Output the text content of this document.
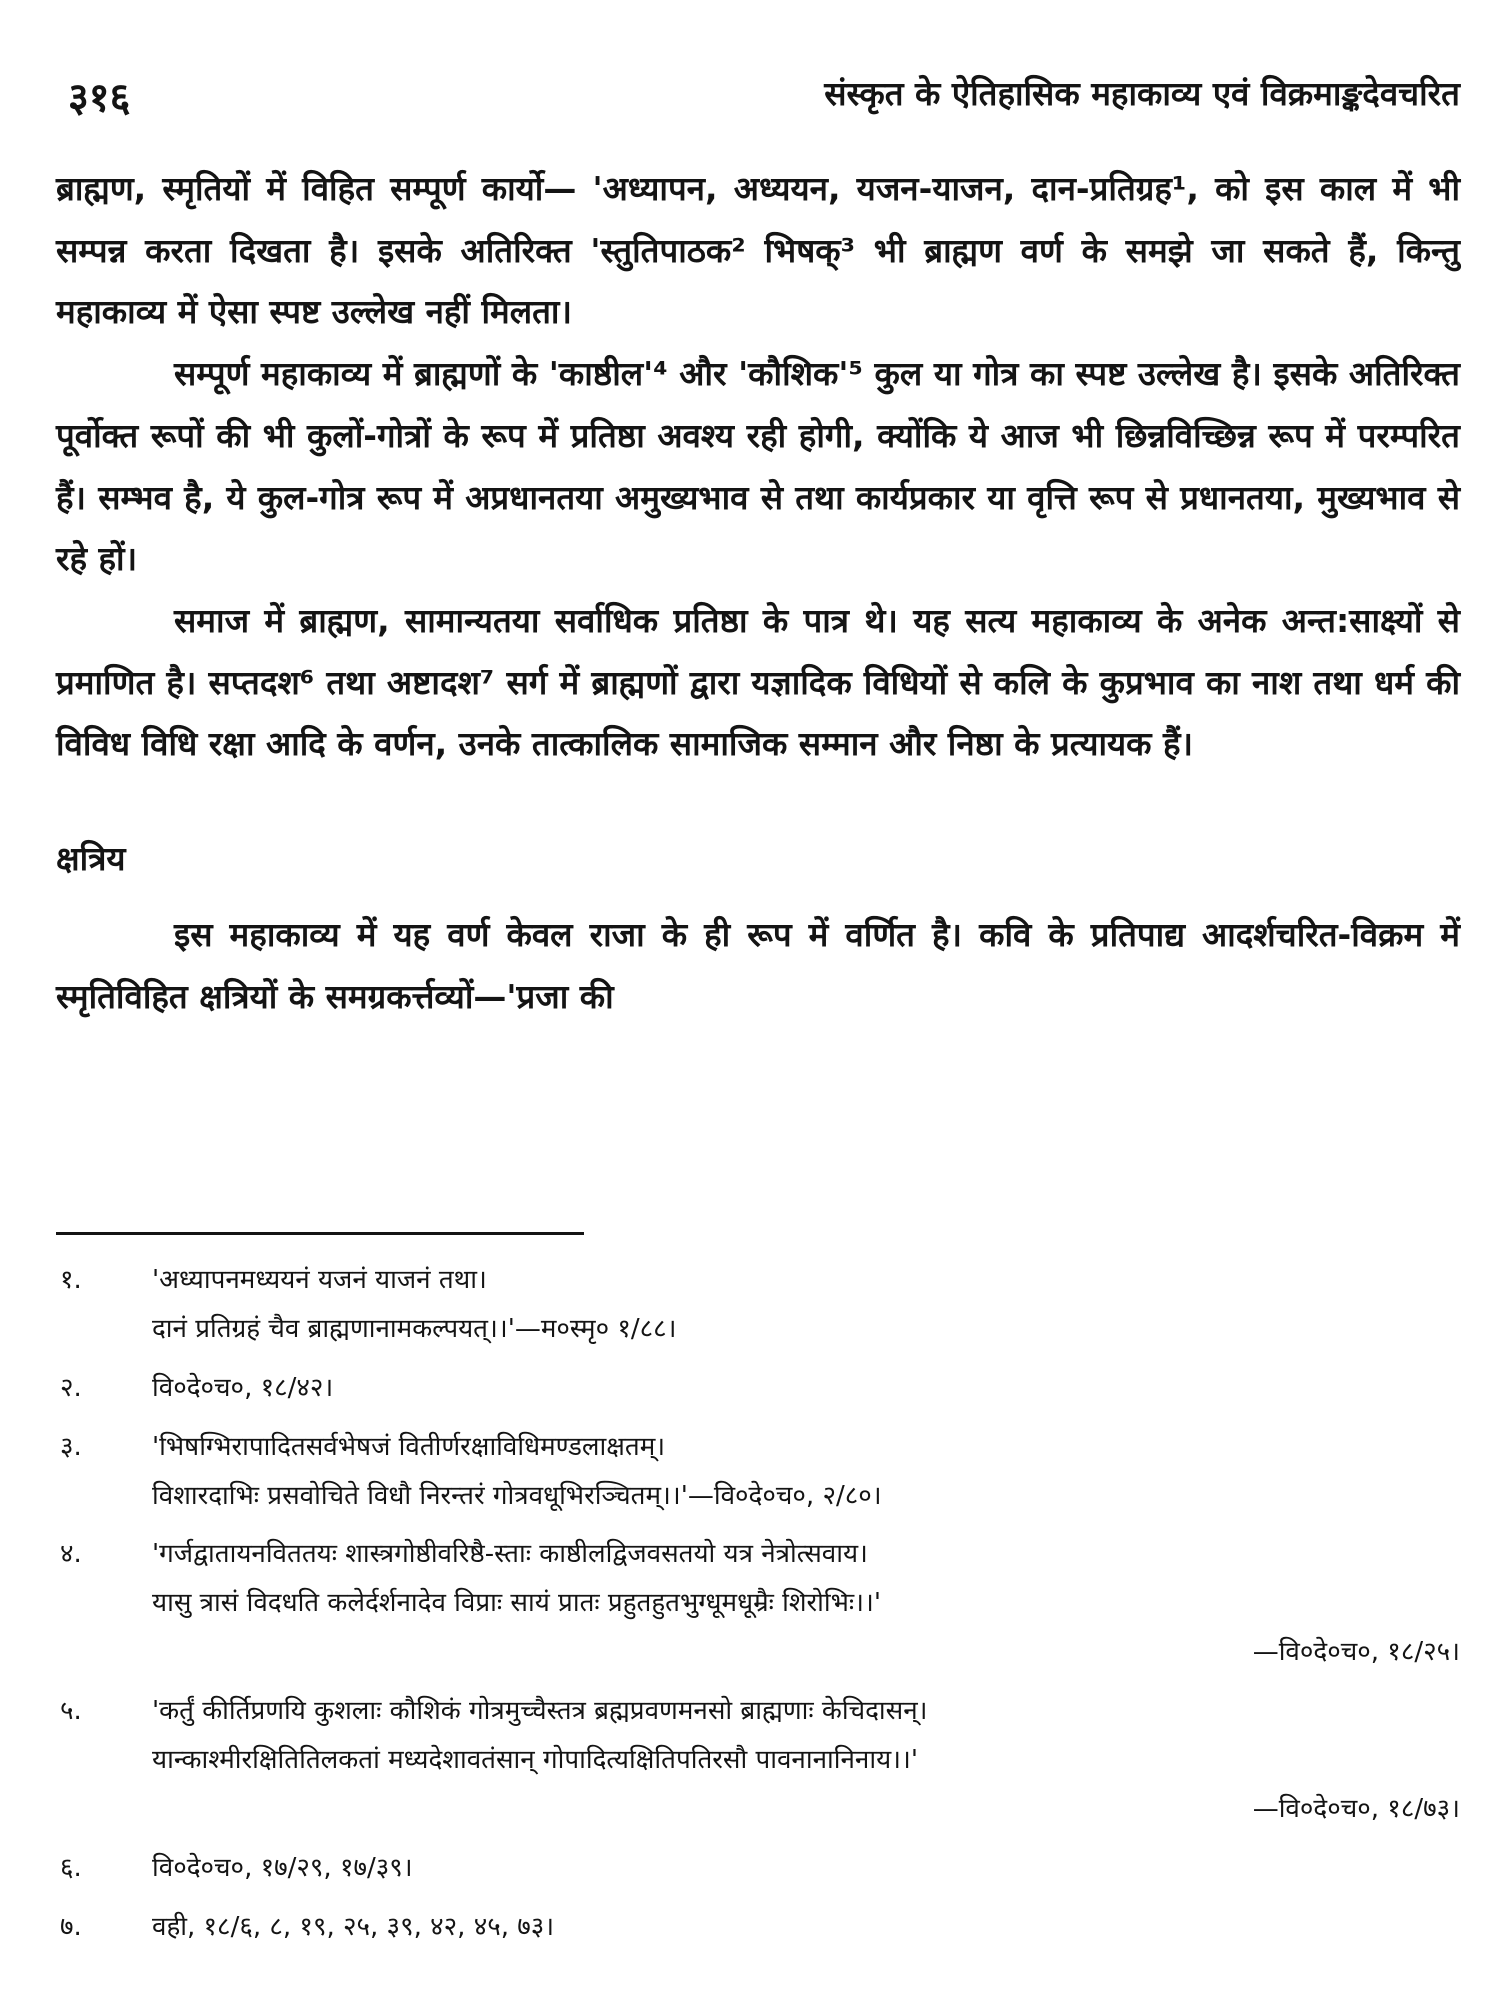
३१६	संस्कृत के ऐतिहासिक महाकाव्य एवं विक्रमाङ्कदेवचरित

ब्राह्मण, स्मृतियों में विहित सम्पूर्ण कार्यो— 'अध्यापन, अध्ययन, यजन-याजन, दान-प्रतिग्रह¹, को इस काल में भी सम्पन्न करता दिखता है। इसके अतिरिक्त 'स्तुतिपाठक² भिषक्³ भी ब्राह्मण वर्ण के समझे जा सकते हैं, किन्तु महाकाव्य में ऐसा स्पष्ट उल्लेख नहीं मिलता।

सम्पूर्ण महाकाव्य में ब्राह्मणों के 'काष्ठील'⁴ और 'कौशिक'⁵ कुल या गोत्र का स्पष्ट उल्लेख है। इसके अतिरिक्त पूर्वोक्त रूपों की भी कुलों-गोत्रों के रूप में प्रतिष्ठा अवश्य रही होगी, क्योंकि ये आज भी छिन्नविच्छिन्न रूप में परम्परित हैं। सम्भव है, ये कुल-गोत्र रूप में अप्रधानतया अमुख्यभाव से तथा कार्यप्रकार या वृत्ति रूप से प्रधानतया, मुख्यभाव से रहे हों।

समाज में ब्राह्मण, सामान्यतया सर्वाधिक प्रतिष्ठा के पात्र थे। यह सत्य महाकाव्य के अनेक अन्त:साक्ष्यों से प्रमाणित है। सप्तदश⁶ तथा अष्टादश⁷ सर्ग में ब्राह्मणों द्वारा यज्ञादिक विधियों से कलि के कुप्रभाव का नाश तथा धर्म की विविध विधि रक्षा आदि के वर्णन, उनके तात्कालिक सामाजिक सम्मान और निष्ठा के प्रत्यायक हैं।

क्षत्रिय

इस महाकाव्य में यह वर्ण केवल राजा के ही रूप में वर्णित है। कवि के प्रतिपाद्य आदर्शचरित-विक्रम में स्मृतिविहित क्षत्रियों के समग्रकर्त्तव्यों—'प्रजा की

१.	'अध्यापनमध्ययनं यजनं याजनं तथा।
दानं प्रतिग्रहं चैव ब्राह्मणानामकल्पयत्।।'—म०स्मृ० १/८८।
२.	वि०दे०च०, १८/४२।
३.	'भिषग्भिरापादितसर्वभेषजं वितीर्णरक्षाविधिमण्डलाक्षतम्।
विशारदाभिः प्रसवोचिते विधौ निरन्तरं गोत्रवधूभिरञ्चितम्।।'—वि०दे०च०, २/८०।
४.	'गर्जद्वातायनविततयः शास्त्रगोष्ठीवरिष्ठै-स्ताः काष्ठीलद्विजवसतयो यत्र नेत्रोत्सवाय।
यासु त्रासं विदधति कलेर्दर्शनादेव विप्राः सायं प्रातः प्रहुतहुतभुग्धूमधूम्रैः शिरोभिः।।'
—वि०दे०च०, १८/२५।
५.	'कर्तुं कीर्तिप्रणयि कुशलाः कौशिकं गोत्रमुच्चैस्तत्र ब्रह्मप्रवणमनसो ब्राह्मणाः केचिदासन्।
यान्काश्मीरक्षितितिलकतां मध्यदेशावतंसान् गोपादित्यक्षितिपतिरसौ पावनानानिनाय।।'
—वि०दे०च०, १८/७३।
६.	वि०दे०च०, १७/२९, १७/३९।
७.	वही, १८/६, ८, १९, २५, ३९, ४२, ४५, ७३।
